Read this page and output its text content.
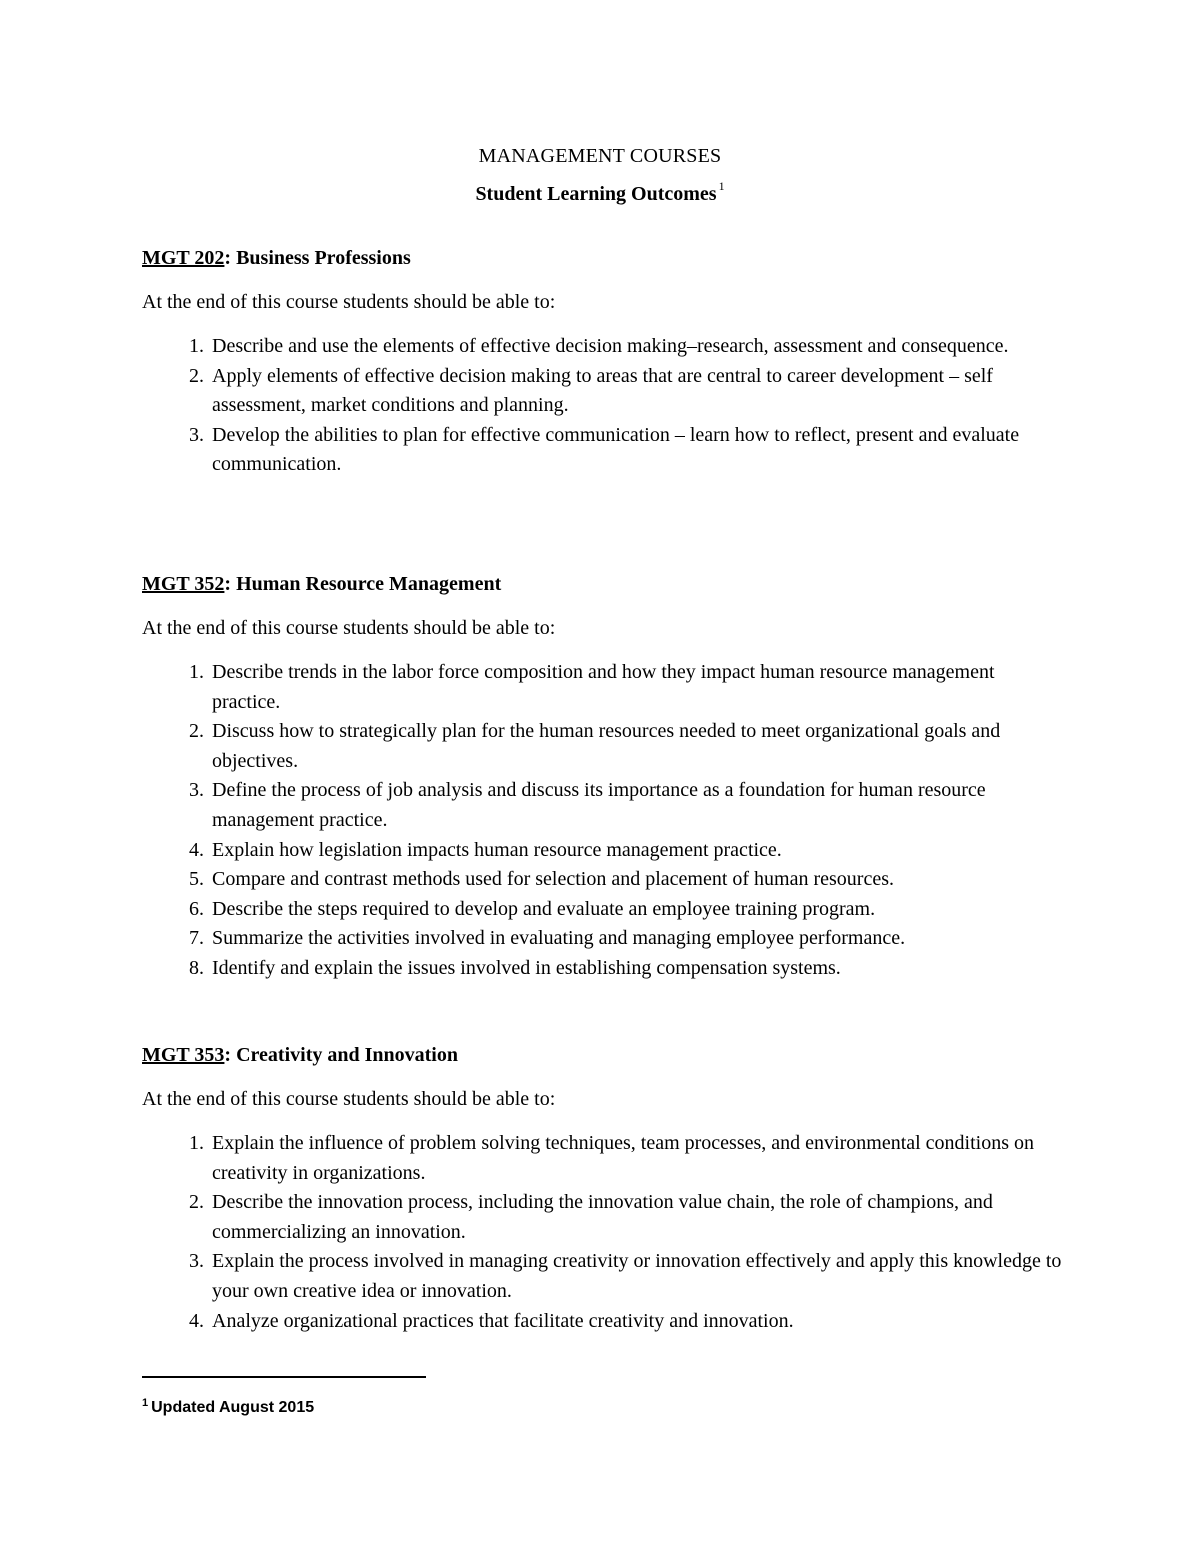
MANAGEMENT COURSES
Student Learning Outcomes $^1$
MGT 202: Business Professions

At the end of this course students should be able to:

1. Describe and use the elements of effective decision making–research, assessment and consequence.
2. Apply elements of effective decision making to areas that are central to career development – self assessment, market conditions and planning.
3. Develop the abilities to plan for effective communication – learn how to reflect, present and evaluate communication.
MGT 352: Human Resource Management

At the end of this course students should be able to:

1. Describe trends in the labor force composition and how they impact human resource management practice.
2. Discuss how to strategically plan for the human resources needed to meet organizational goals and objectives.
3. Define the process of job analysis and discuss its importance as a foundation for human resource management practice.
4. Explain how legislation impacts human resource management practice.
5. Compare and contrast methods used for selection and placement of human resources.
6. Describe the steps required to develop and evaluate an employee training program.
7. Summarize the activities involved in evaluating and managing employee performance.
8. Identify and explain the issues involved in establishing compensation systems.
MGT 353: Creativity and Innovation

At the end of this course students should be able to:

1. Explain the influence of problem solving techniques, team processes, and environmental conditions on creativity in organizations.
2. Describe the innovation process, including the innovation value chain, the role of champions, and commercializing an innovation.
3. Explain the process involved in managing creativity or innovation effectively and apply this knowledge to your own creative idea or innovation.
4. Analyze organizational practices that facilitate creativity and innovation.
$^1$ Updated August 2015
